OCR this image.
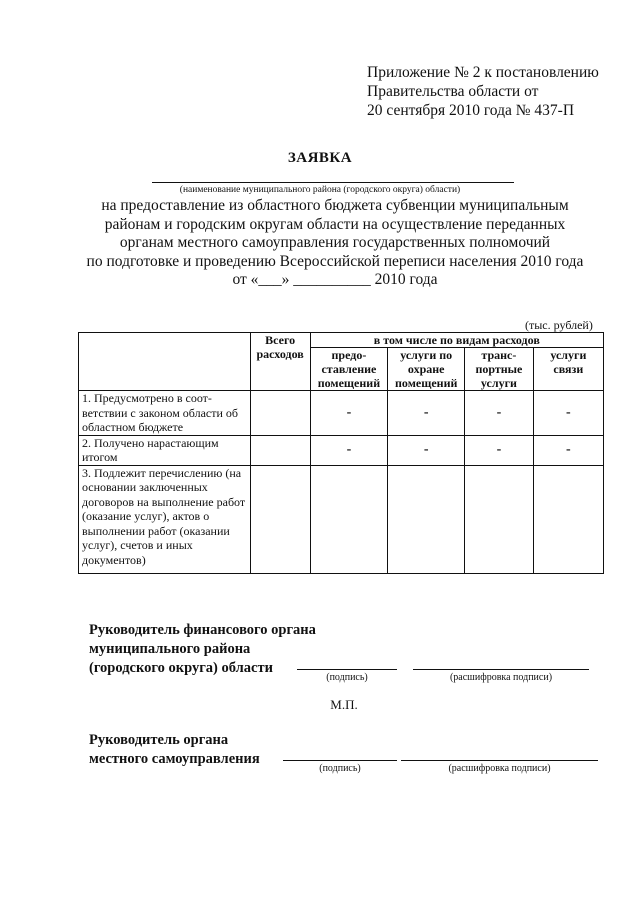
Приложение № 2 к постановлению
Правительства области от
20 сентября 2010 года № 437-П
ЗАЯВКА
(наименование муниципального района (городского округа) области)
на предоставление из областного бюджета субвенции муниципальным
районам и городским округам области на осуществление переданных
органам местного самоуправления государственных полномочий
по подготовке и проведению Всероссийской переписи населения 2010 года
от «___» __________ 2010 года
(тыс. рублей)
	Всего расходов	в том числе по видам расходов			
		предо-ставление помещений	услуги по охране помещений	транс-портные услуги	услуги связи
1. Предусмотрено в соот-ветствии с законом области об областном бюджете		-	-	-	-
2. Получено нарастающим итогом		-	-	-	-
3. Подлежит перечислению (на основании заключенных договоров на выполнение работ (оказание услуг), актов о выполнении работ (оказании услуг), счетов и иных документов)					
Руководитель финансового органа
муниципального района
(городского округа) области
(подпись)	(расшифровка подписи)
М.П.
Руководитель органа
местного самоуправления
(подпись)	(расшифровка подписи)
